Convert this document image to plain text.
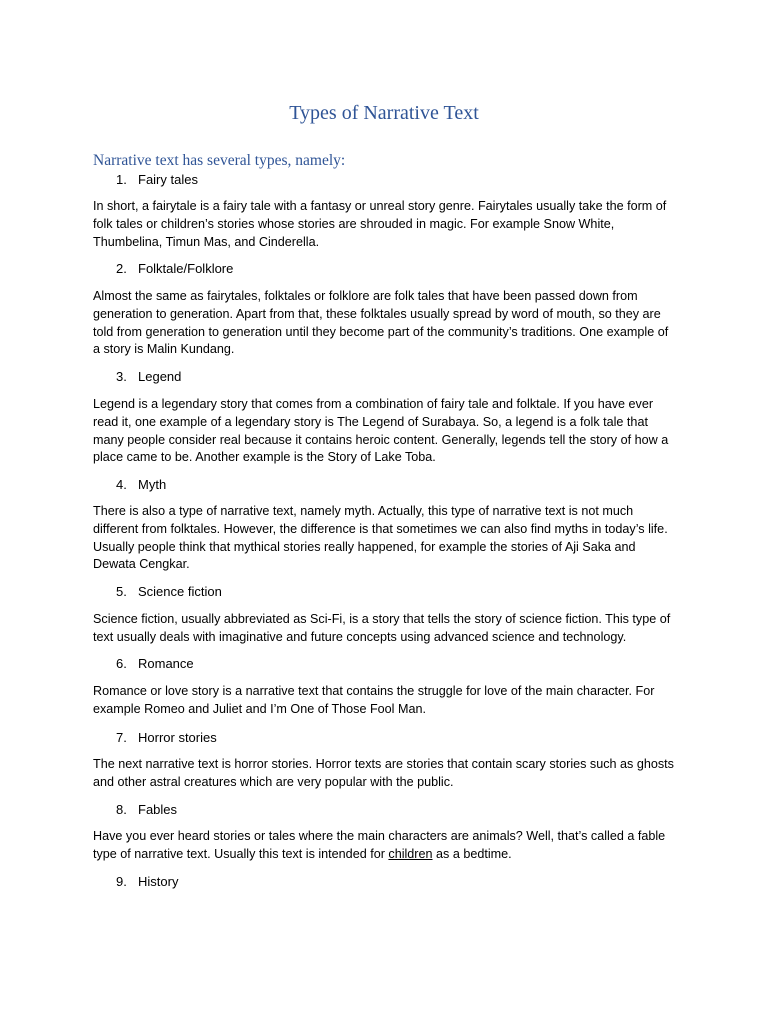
Types of Narrative Text

Narrative text has several types, namely:

1. Fairy tales

In short, a fairytale is a fairy tale with a fantasy or unreal story genre. Fairytales usually take the form of folk tales or children’s stories whose stories are shrouded in magic. For example Snow White, Thumbelina, Timun Mas, and Cinderella.

2. Folktale/Folklore

Almost the same as fairytales, folktales or folklore are folk tales that have been passed down from generation to generation. Apart from that, these folktales usually spread by word of mouth, so they are told from generation to generation until they become part of the community’s traditions. One example of a story is Malin Kundang.

3. Legend

Legend is a legendary story that comes from a combination of fairy tale and folktale. If you have ever read it, one example of a legendary story is The Legend of Surabaya. So, a legend is a folk tale that many people consider real because it contains heroic content. Generally, legends tell the story of how a place came to be. Another example is the Story of Lake Toba.

4. Myth

There is also a type of narrative text, namely myth. Actually, this type of narrative text is not much different from folktales. However, the difference is that sometimes we can also find myths in today’s life. Usually people think that mythical stories really happened, for example the stories of Aji Saka and Dewata Cengkar.

5. Science fiction

Science fiction, usually abbreviated as Sci-Fi, is a story that tells the story of science fiction. This type of text usually deals with imaginative and future concepts using advanced science and technology.

6. Romance

Romance or love story is a narrative text that contains the struggle for love of the main character. For example Romeo and Juliet and I’m One of Those Fool Man.

7. Horror stories

The next narrative text is horror stories. Horror texts are stories that contain scary stories such as ghosts and other astral creatures which are very popular with the public.

8. Fables

Have you ever heard stories or tales where the main characters are animals? Well, that’s called a fable type of narrative text. Usually this text is intended for children as a bedtime.

9. History
